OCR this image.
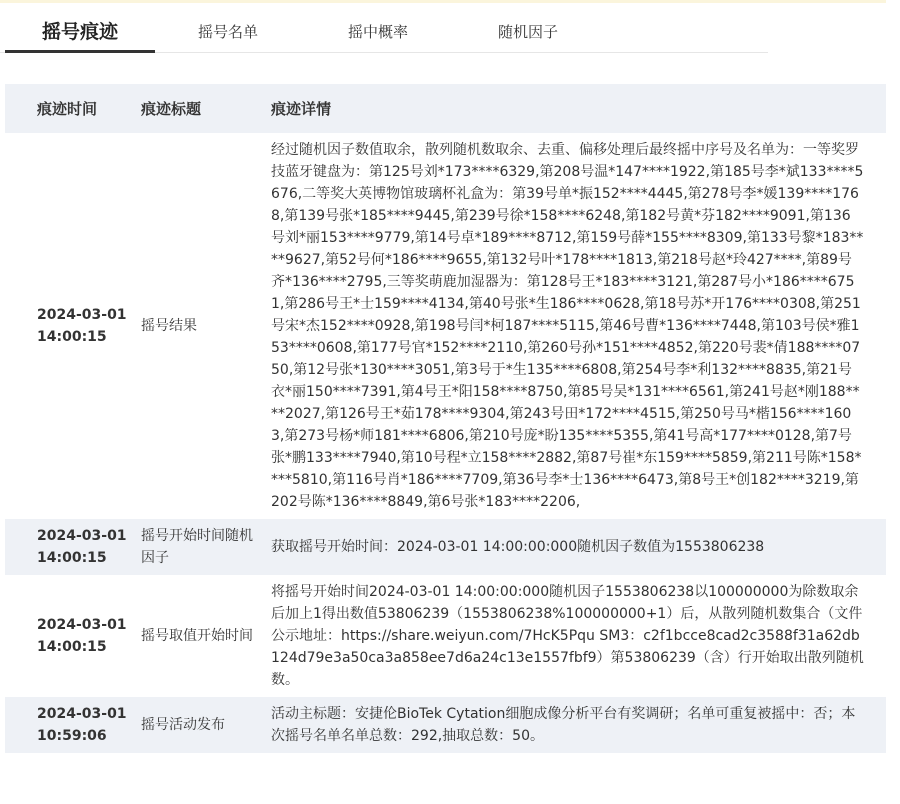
摇号痕迹	摇号名单	摇中概率	随机因子
痕迹时间	痕迹标题	痕迹详情
2024-03-01 14:00:15	摇号结果	经过随机因子数值取余，散列随机数取余、去重、偏移处理后最终摇中序号及名单为：一等奖罗技蓝牙键盘为：第125号刘*173****6329,第208号温*147****1922,第185号李*斌133****5676,二等奖大英博物馆玻璃杯礼盒为：第39号单*振152****4445,第278号李*媛139****1768,第139号张*185****9445,第239号徐*158****6248,第182号黄*芬182****9091,第136号刘*丽153****9779,第14号卓*189****8712,第159号薛*155****8309,第133号黎*183****9627,第52号何*186****9655,第132号叶*178****1813,第218号赵*玲427****,第89号齐*136****2795,三等奖萌鹿加湿器为：第128号王*183****3121,第287号小*186****6751,第286号王*士159****4134,第40号张*生186****0628,第18号苏*开176****0308,第251号宋*杰152****0928,第198号闫*柯187****5115,第46号曹*136****7448,第103号侯*雅153****0608,第177号官*152****2110,第260号孙*151****4852,第220号裴*倩188****0750,第12号张*130****3051,第3号于*生135****6808,第254号李*利132****8835,第21号衣*丽150****7391,第4号王*阳158****8750,第85号吴*131****6561,第241号赵*刚188****2027,第126号王*茹178****9304,第243号田*172****4515,第250号马*楷156****1603,第273号杨*师181****6806,第210号庞*盼135****5355,第41号高*177****0128,第7号张*鹏133****7940,第10号程*立158****2882,第87号崔*东159****5859,第211号陈*158****5810,第116号肖*186****7709,第36号李*士136****6473,第8号王*创182****3219,第202号陈*136****8849,第6号张*183****2206,

2024-03-01 14:00:15	摇号开始时间随机因子	获取摇号开始时间：2024-03-01 14:00:00:000随机因子数值为1553806238
2024-03-01 14:00:15	摇号取值开始时间	将摇号开始时间2024-03-01 14:00:00:000随机因子1553806238以100000000为除数取余后加上1得出数值53806239（1553806238%100000000+1）后，从散列随机数集合（文件公示地址：https://share.weiyun.com/7HcK5Pqu SM3：c2f1bcce8cad2c3588f31a62db124d79e3a50ca3a858ee7d6a24c13e1557fbf9）第53806239（含）行开始取出散列随机数。
2024-03-01 10:59:06	摇号活动发布	活动主标题：安捷伦BioTek Cytation细胞成像分析平台有奖调研；名单可重复被摇中：否；本次摇号名单名单总数：292,抽取总数：50。
